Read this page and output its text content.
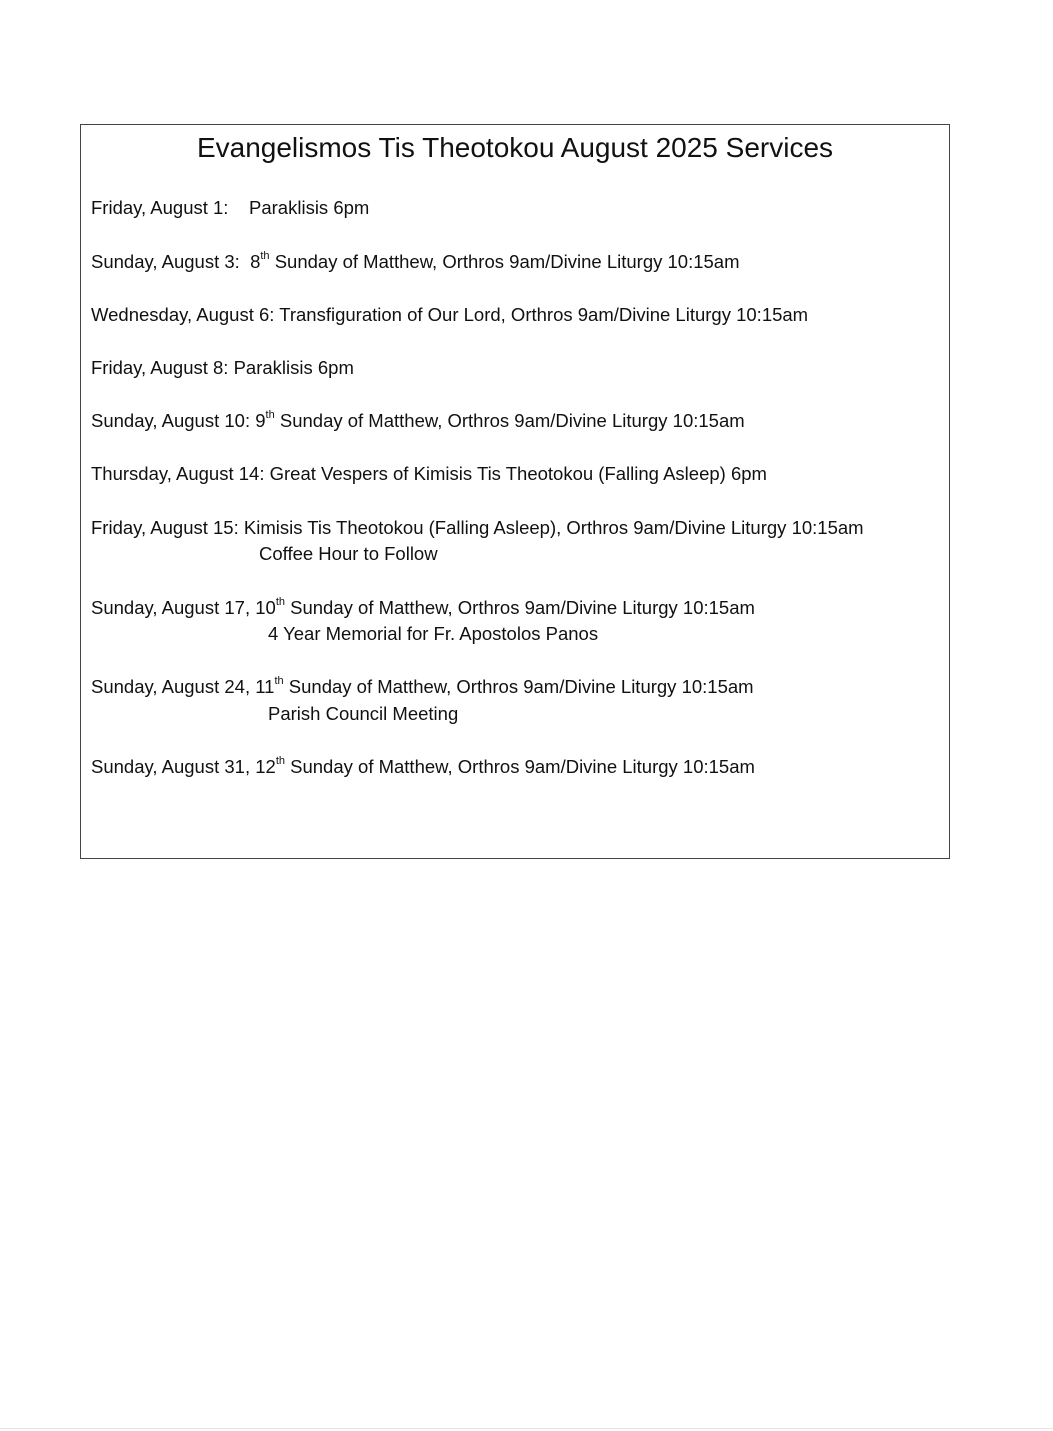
Evangelismos Tis Theotokou August 2025 Services
Friday, August 1: Paraklisis 6pm
Sunday, August 3: 8th Sunday of Matthew, Orthros 9am/Divine Liturgy 10:15am
Wednesday, August 6: Transfiguration of Our Lord, Orthros 9am/Divine Liturgy 10:15am
Friday, August 8: Paraklisis 6pm
Sunday, August 10: 9th Sunday of Matthew, Orthros 9am/Divine Liturgy 10:15am
Thursday, August 14: Great Vespers of Kimisis Tis Theotokou (Falling Asleep) 6pm
Friday, August 15: Kimisis Tis Theotokou (Falling Asleep), Orthros 9am/Divine Liturgy 10:15am
Coffee Hour to Follow
Sunday, August 17, 10th Sunday of Matthew, Orthros 9am/Divine Liturgy 10:15am
4 Year Memorial for Fr. Apostolos Panos
Sunday, August 24, 11th Sunday of Matthew, Orthros 9am/Divine Liturgy 10:15am
Parish Council Meeting
Sunday, August 31, 12th Sunday of Matthew, Orthros 9am/Divine Liturgy 10:15am
